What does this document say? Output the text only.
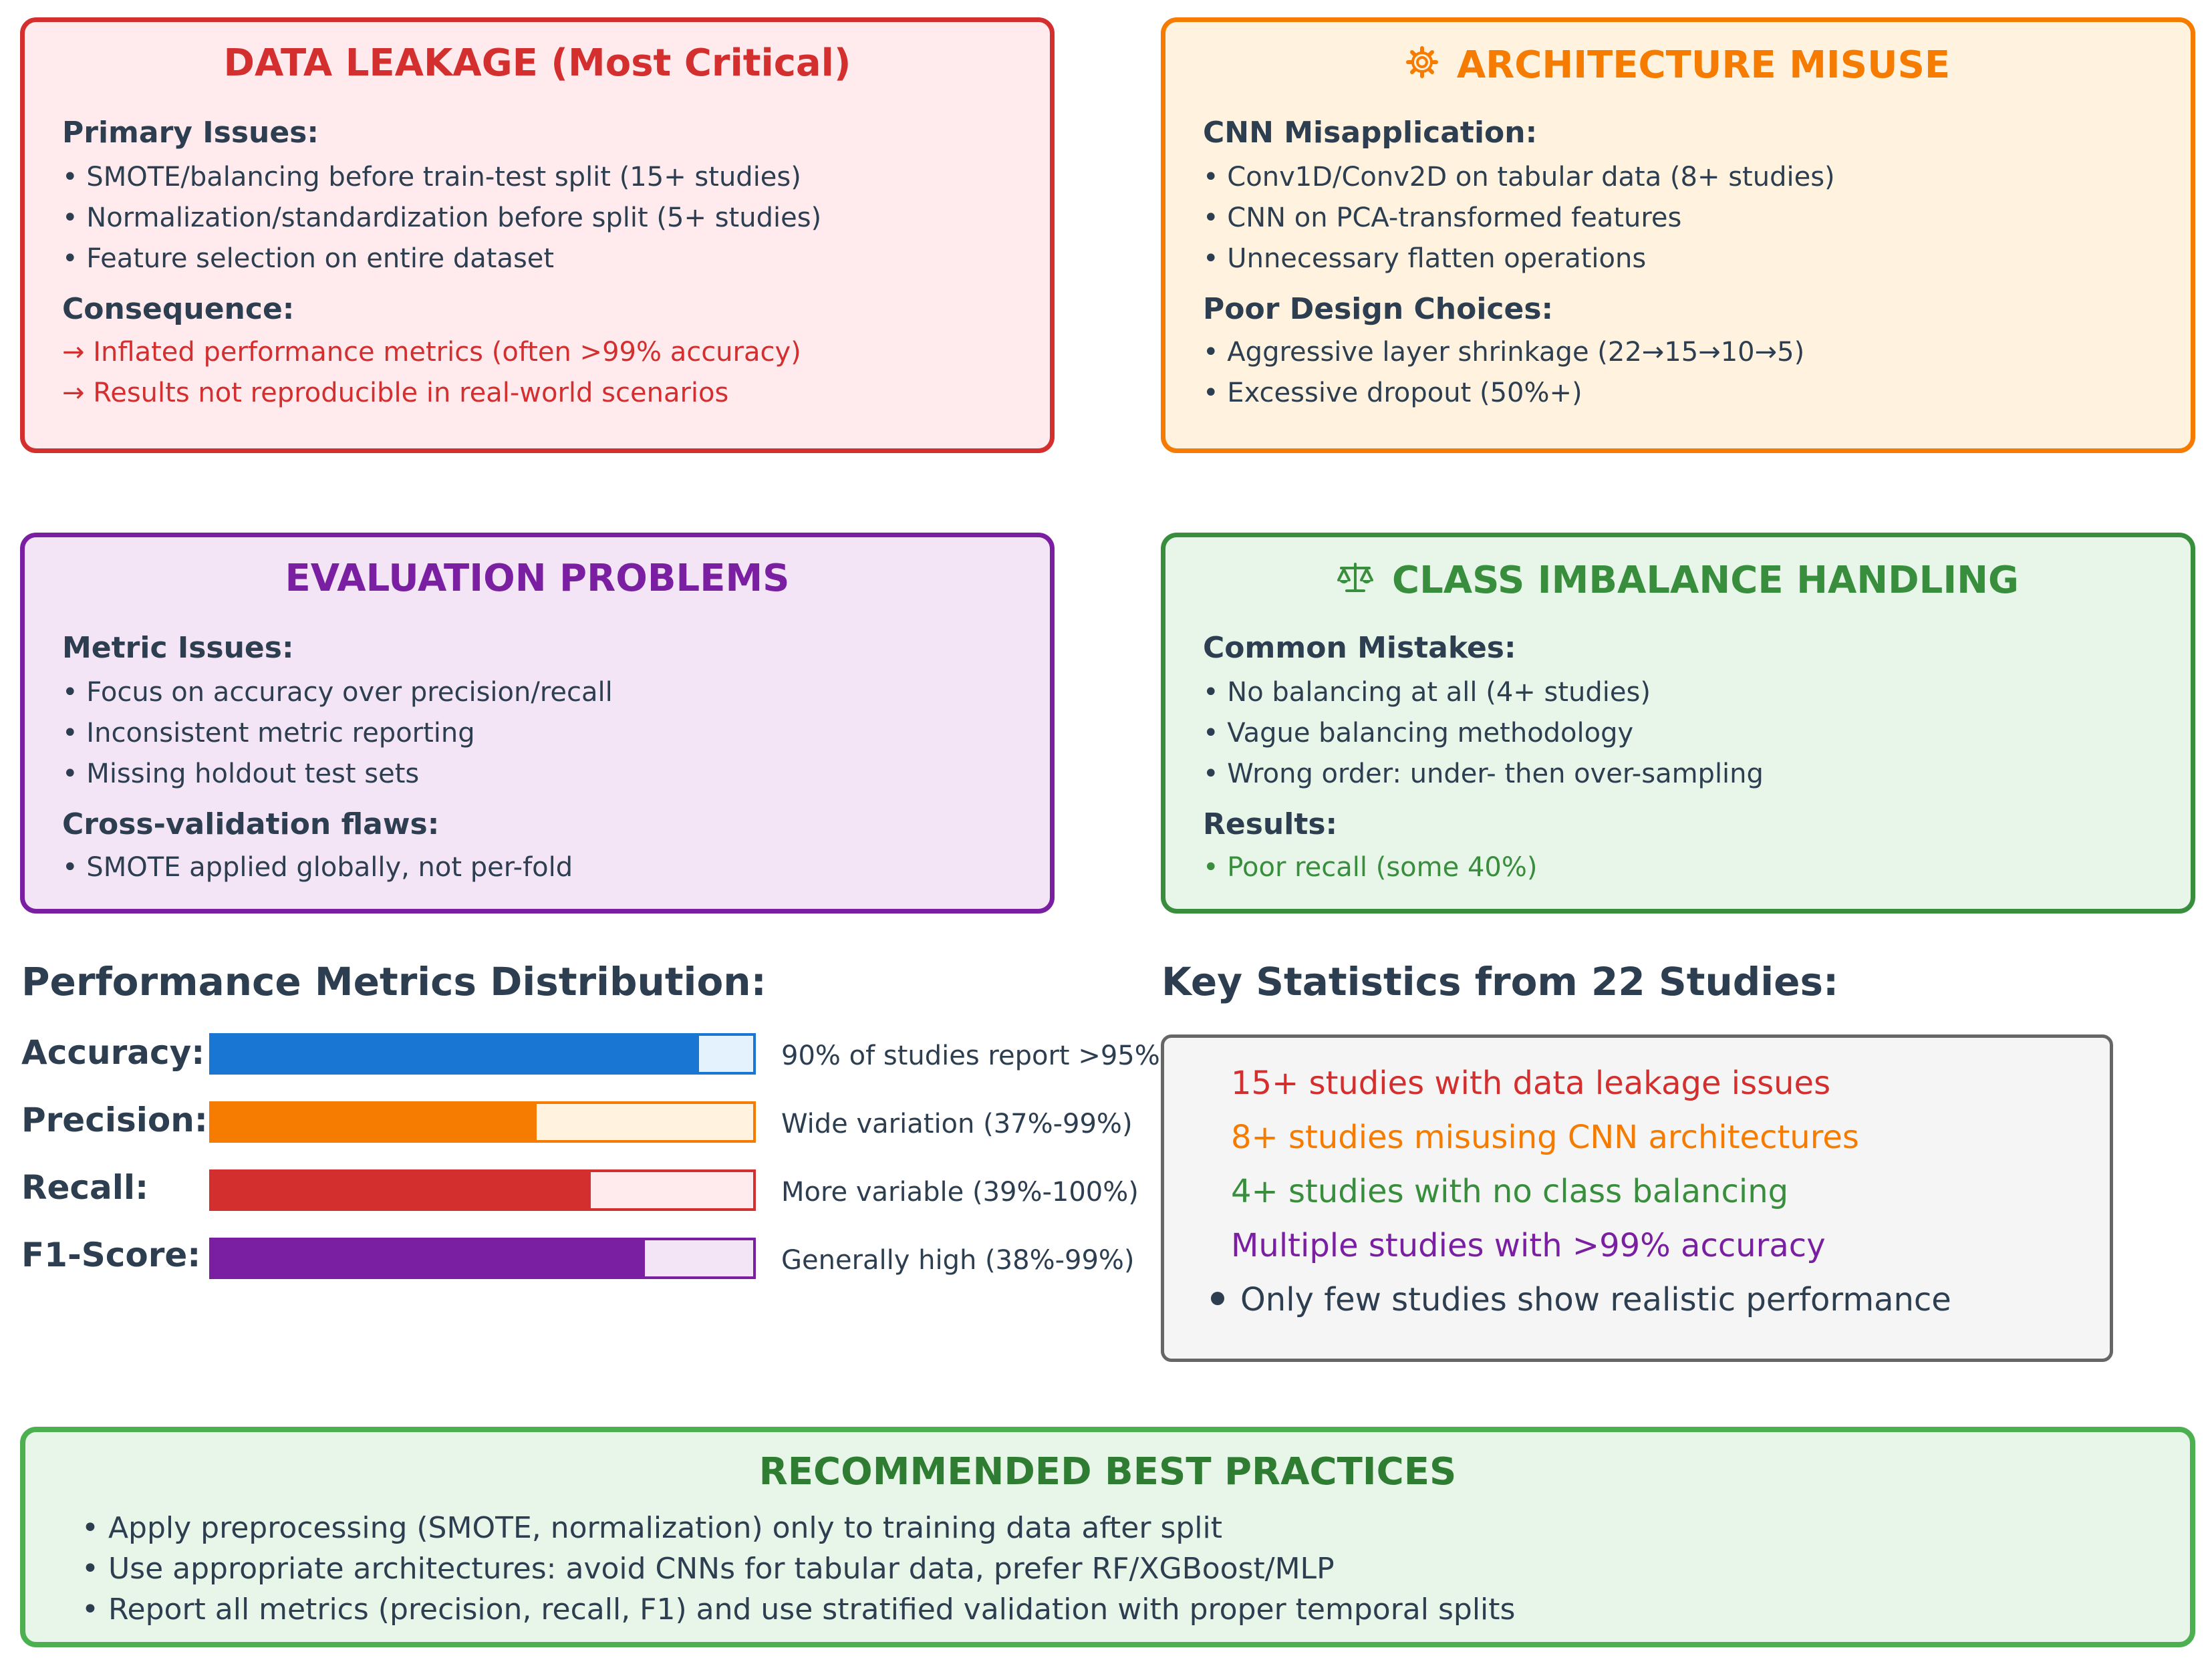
DATA LEAKAGE (Most Critical)
Primary Issues:
• SMOTE/balancing before train-test split (15+ studies)
• Normalization/standardization before split (5+ studies)
• Feature selection on entire dataset
Consequence:
→ Inflated performance metrics (often >99% accuracy)
→ Results not reproducible in real-world scenarios
ARCHITECTURE MISUSE
CNN Misapplication:
• Conv1D/Conv2D on tabular data (8+ studies)
• CNN on PCA-transformed features
• Unnecessary flatten operations
Poor Design Choices:
• Aggressive layer shrinkage (22→15→10→5)
• Excessive dropout (50%+)
EVALUATION PROBLEMS
Metric Issues:
• Focus on accuracy over precision/recall
• Inconsistent metric reporting
• Missing holdout test sets
Cross-validation flaws:
• SMOTE applied globally, not per-fold
CLASS IMBALANCE HANDLING
Common Mistakes:
• No balancing at all (4+ studies)
• Vague balancing methodology
• Wrong order: under- then over-sampling
Results:
• Poor recall (some 40%)
Performance Metrics Distribution:
Accuracy:	90% of studies report >95%
Precision:	Wide variation (37%-99%)
Recall:	More variable (39%-100%)
F1-Score:	Generally high (38%-99%)
Key Statistics from 22 Studies:
15+ studies with data leakage issues
8+ studies misusing CNN architectures
4+ studies with no class balancing
Multiple studies with >99% accuracy
Only few studies show realistic performance
RECOMMENDED BEST PRACTICES
• Apply preprocessing (SMOTE, normalization) only to training data after split
• Use appropriate architectures: avoid CNNs for tabular data, prefer RF/XGBoost/MLP
• Report all metrics (precision, recall, F1) and use stratified validation with proper temporal splits
